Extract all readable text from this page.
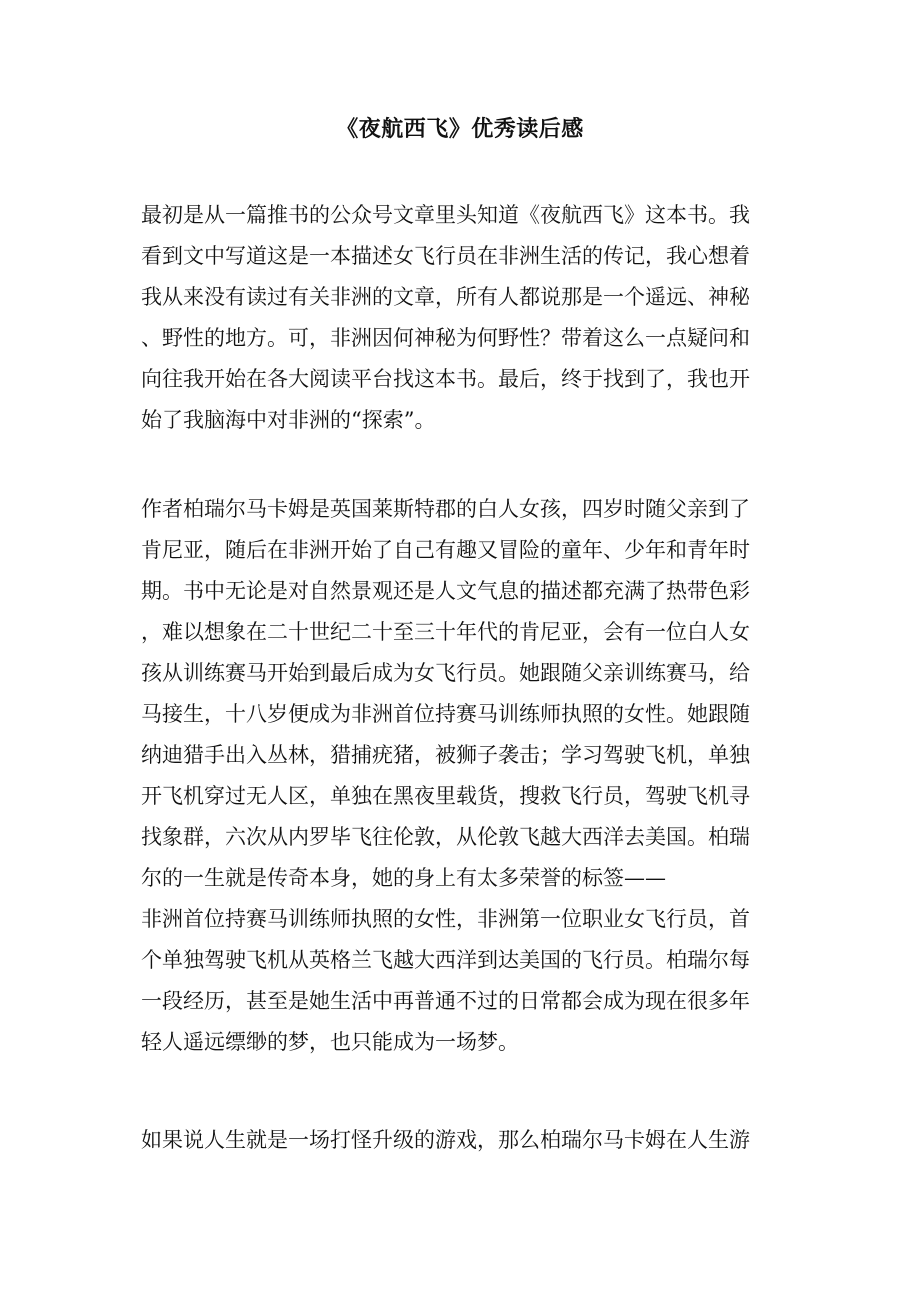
《夜航西飞》优秀读后感
最初是从一篇推书的公众号文章里头知道《夜航西飞》这本书。我
看到文中写道这是一本描述女飞行员在非洲生活的传记，我心想着
我从来没有读过有关非洲的文章，所有人都说那是一个遥远、神秘
、野性的地方。可，非洲因何神秘为何野性？带着这么一点疑问和
向往我开始在各大阅读平台找这本书。最后，终于找到了，我也开
始了我脑海中对非洲的“探索”。
作者柏瑞尔马卡姆是英国莱斯特郡的白人女孩，四岁时随父亲到了
肯尼亚，随后在非洲开始了自己有趣又冒险的童年、少年和青年时
期。书中无论是对自然景观还是人文气息的描述都充满了热带色彩
，难以想象在二十世纪二十至三十年代的肯尼亚，会有一位白人女
孩从训练赛马开始到最后成为女飞行员。她跟随父亲训练赛马，给
马接生，十八岁便成为非洲首位持赛马训练师执照的女性。她跟随
纳迪猎手出入丛林，猎捕疣猪，被狮子袭击；学习驾驶飞机，单独
开飞机穿过无人区，单独在黑夜里载货，搜救飞行员，驾驶飞机寻
找象群，六次从内罗毕飞往伦敦，从伦敦飞越大西洋去美国。柏瑞
尔的一生就是传奇本身，她的身上有太多荣誉的标签——
非洲首位持赛马训练师执照的女性，非洲第一位职业女飞行员，首
个单独驾驶飞机从英格兰飞越大西洋到达美国的飞行员。柏瑞尔每
一段经历，甚至是她生活中再普通不过的日常都会成为现在很多年
轻人遥远缥缈的梦，也只能成为一场梦。
如果说人生就是一场打怪升级的游戏，那么柏瑞尔马卡姆在人生游
